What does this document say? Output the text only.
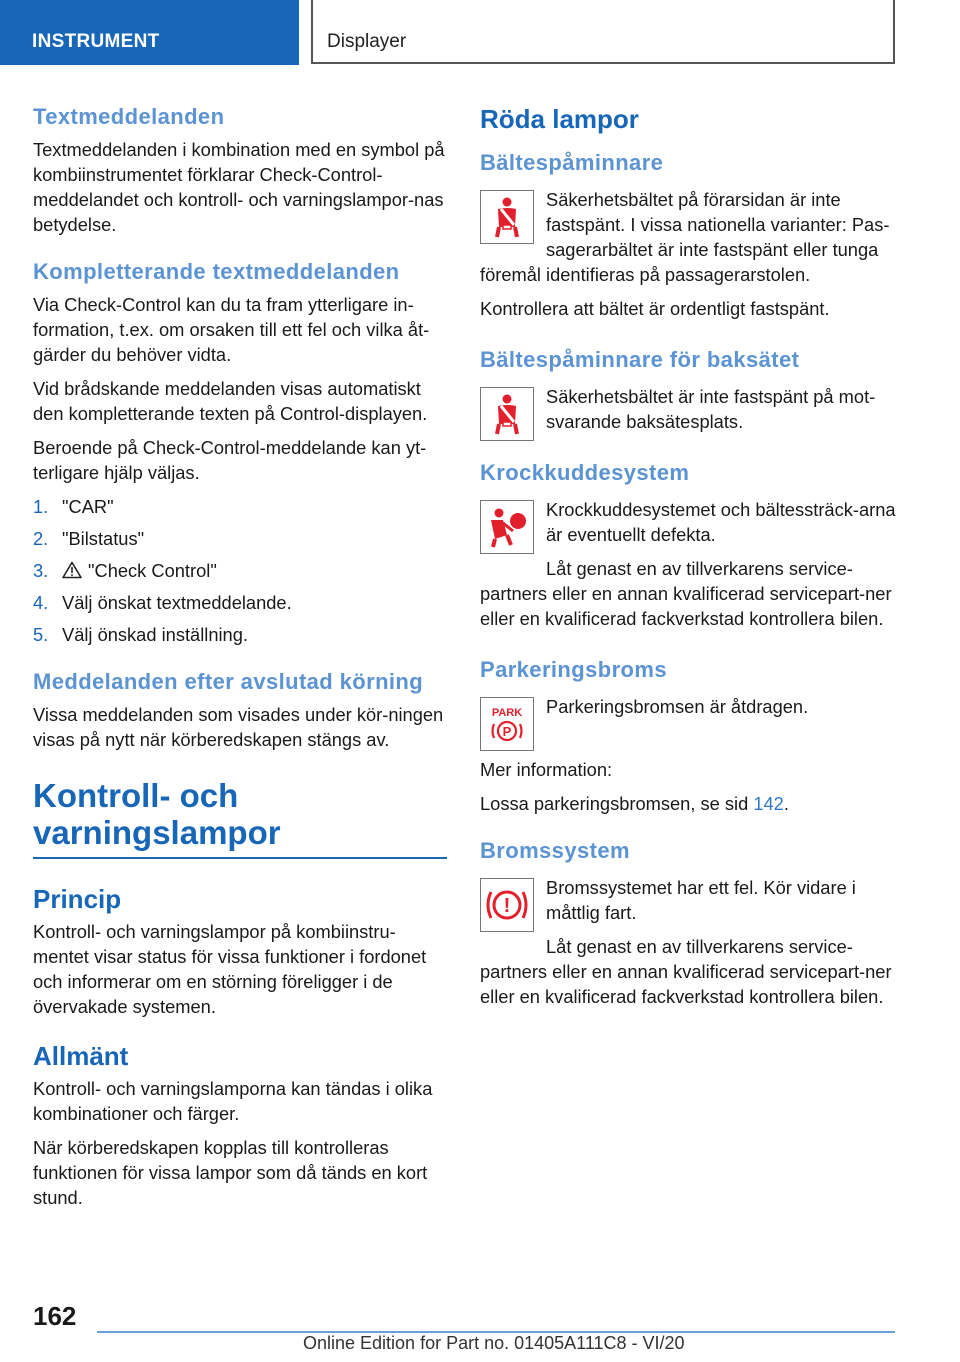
INSTRUMENT	Displayer
Textmeddelanden

Textmeddelanden i kombination med en symbol på kombiinstrumentet förklarar Check-Control-meddelandet och kontroll- och varningslampor-nas betydelse.

Kompletterande textmeddelanden

Via Check-Control kan du ta fram ytterligare in-formation, t.ex. om orsaken till ett fel och vilka åt-gärder du behöver vidta.

Vid brådskande meddelanden visas automatiskt den kompletterande texten på Control-displayen.

Beroende på Check-Control-meddelande kan yt-terligare hjälp väljas.

1. "CAR"
2. "Bilstatus"
3. "Check Control"
4. Välj önskat textmeddelande.
5. Välj önskad inställning.
Meddelanden efter avslutad körning

Vissa meddelanden som visades under kör-ningen visas på nytt när körberedskapen stängs av.

Kontroll- och
varningslampor
Princip

Kontroll- och varningslampor på kombiinstru-mentet visar status för vissa funktioner i fordonet och informerar om en störning föreligger i de övervakade systemen.

Allmänt

Kontroll- och varningslamporna kan tändas i olika kombinationer och färger.

När körberedskapen kopplas till kontrolleras funktionen för vissa lampor som då tänds en kort stund.

Röda lampor
Bältespåminnare

Säkerhetsbältet på förarsidan är inte fastspänt. I vissa nationella varianter: Pas-sagerarbältet är inte fastspänt eller tunga föremål identifieras på passagerarstolen.

Kontrollera att bältet är ordentligt fastspänt.

Bältespåminnare för baksätet

Säkerhetsbältet är inte fastspänt på mot-svarande baksätesplats.

Krockkuddesystem

Krockkuddesystemet och bältessträck-arna är eventuellt defekta.

Låt genast en av tillverkarens service-partners eller en annan kvalificerad servicepart-ner eller en kvalificerad fackverkstad kontrollera bilen.

Parkeringsbroms
PARK
P

Parkeringsbromsen är åtdragen.

Mer information:

Lossa parkeringsbromsen, se sid 142.

Bromssystem
!

Bromssystemet har ett fel. Kör vidare i måttlig fart.

Låt genast en av tillverkarens service-partners eller en annan kvalificerad servicepart-ner eller en kvalificerad fackverkstad kontrollera bilen.

162
Online Edition for Part no. 01405A111C8 - VI/20
